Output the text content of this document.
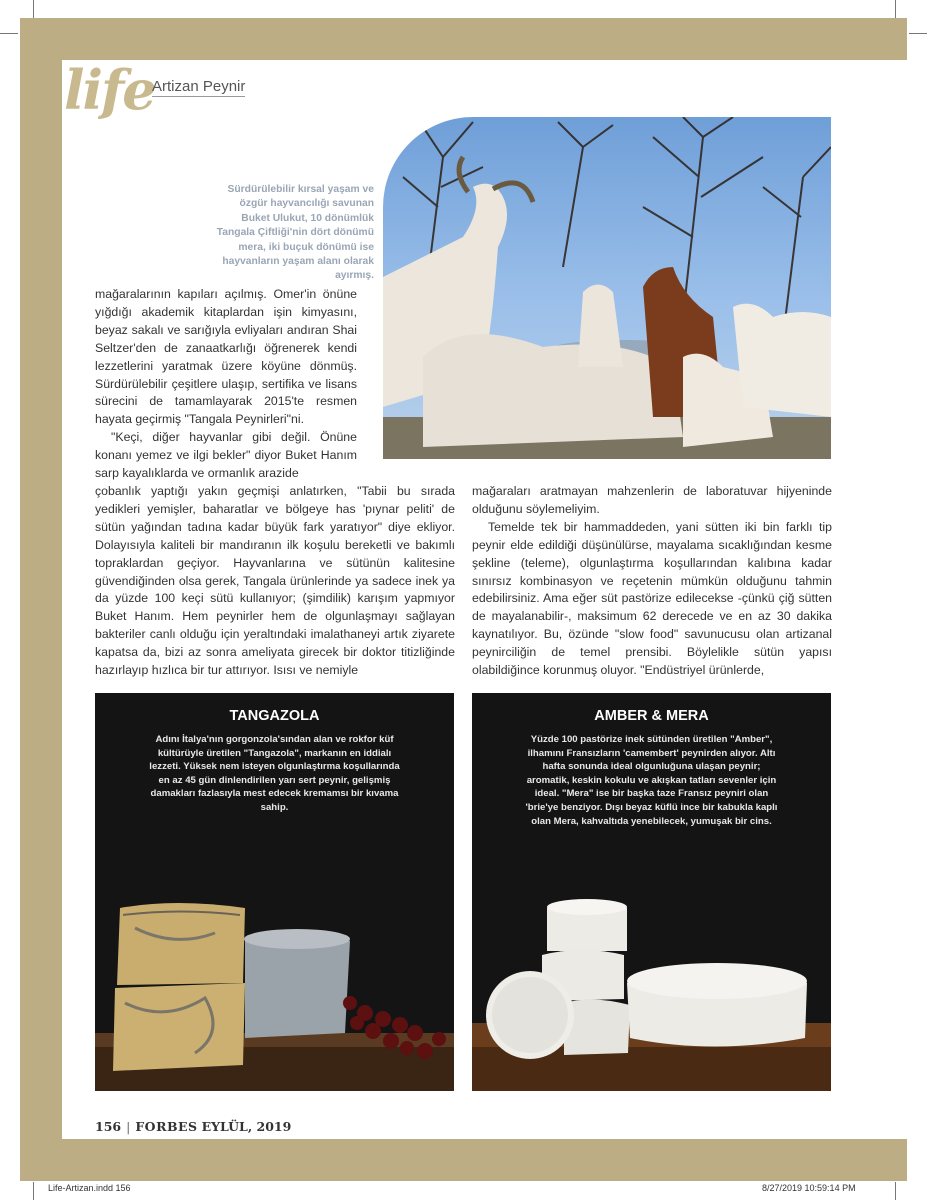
life
Artizan Peynir
Sürdürülebilir kırsal yaşam ve özgür hayvancılığı savunan Buket Ulukut, 10 dönümlük Tangala Çiftliği'nin dört dönümü mera, iki buçuk dönümü ise hayvanların yaşam alanı olarak ayırmış.

mağaralarının kapıları açılmış. Omer'in önüne yığdığı akademik kitaplardan işin kimyasını, beyaz sakalı ve sarığıyla evliyaları andıran Shai Seltzer'den de zanaatkarlığı öğrenerek kendi lezzetlerini yaratmak üzere köyüne dönmüş. Sürdürülebilir çeşitlere ulaşıp, sertifika ve lisans sürecini de tamamlayarak 2015'te resmen hayata geçirmiş "Tangala Peynirleri"ni.

"Keçi, diğer hayvanlar gibi değil. Önüne konanı yemez ve ilgi bekler" diyor Buket Hanım sarp kayalıklarda ve ormanlık arazide

çobanlık yaptığı yakın geçmişi anlatırken, "Tabii bu sırada yedikleri yemişler, baharatlar ve bölgeye has 'pıynar peliti' de sütün yağından tadına kadar büyük fark yaratıyor" diye ekliyor. Dolayısıyla kaliteli bir mandıranın ilk koşulu bereketli ve bakımlı topraklardan geçiyor. Hayvanlarına ve sütünün kalitesine güvendiğinden olsa gerek, Tangala ürünlerinde ya sadece inek ya da yüzde 100 keçi sütü kullanıyor; (şimdilik) karışım yapmıyor Buket Hanım. Hem peynirler hem de olgunlaşmayı sağlayan bakteriler canlı olduğu için yeraltındaki imalathaneyi artık ziyarete kapatsa da, bizi az sonra ameliyata girecek bir doktor titizliğinde hazırlayıp hızlıca bir tur attırıyor. Isısı ve nemiyle

mağaraları aratmayan mahzenlerin de laboratuvar hijyeninde olduğunu söylemeliyim.

Temelde tek bir hammaddeden, yani sütten iki bin farklı tip peynir elde edildiği düşünülürse, mayalama sıcaklığından kesme şekline (teleme), olgunlaştırma koşullarından kalıbına kadar sınırsız kombinasyon ve reçetenin mümkün olduğunu tahmin edebilirsiniz. Ama eğer süt pastörize edilecekse -çünkü çiğ sütten de mayalanabilir-, maksimum 62 derecede ve en az 30 dakika kaynatılıyor. Bu, özünde "slow food" savunucusu olan artizanal peynirciliğin de temel prensibi. Böylelikle sütün yapısı olabildiğince korunmuş oluyor. "Endüstriyel ürünlerde,

TANGAZOLA
Adını İtalya'nın gorgonzola'sından alan ve rokfor küf kültürüyle üretilen "Tangazola", markanın en iddialı lezzeti. Yüksek nem isteyen olgunlaştırma koşullarında en az 45 gün dinlendirilen yarı sert peynir, gelişmiş damakları fazlasıyla mest edecek kremamsı bir kıvama sahip.
AMBER & MERA
Yüzde 100 pastörize inek sütünden üretilen "Amber", ilhamını Fransızların 'camembert' peynirden alıyor. Altı hafta sonunda ideal olgunluğuna ulaşan peynir; aromatik, keskin kokulu ve akışkan tatları sevenler için ideal. "Mera" ise bir başka taze Fransız peyniri olan 'brie'ye benziyor. Dışı beyaz küflü ince bir kabukla kaplı olan Mera, kahvaltıda yenebilecek, yumuşak bir cins.
156 | FORBES EYLÜL, 2019
Life-Artizan.indd 156	8/27/2019 10:59:14 PM
